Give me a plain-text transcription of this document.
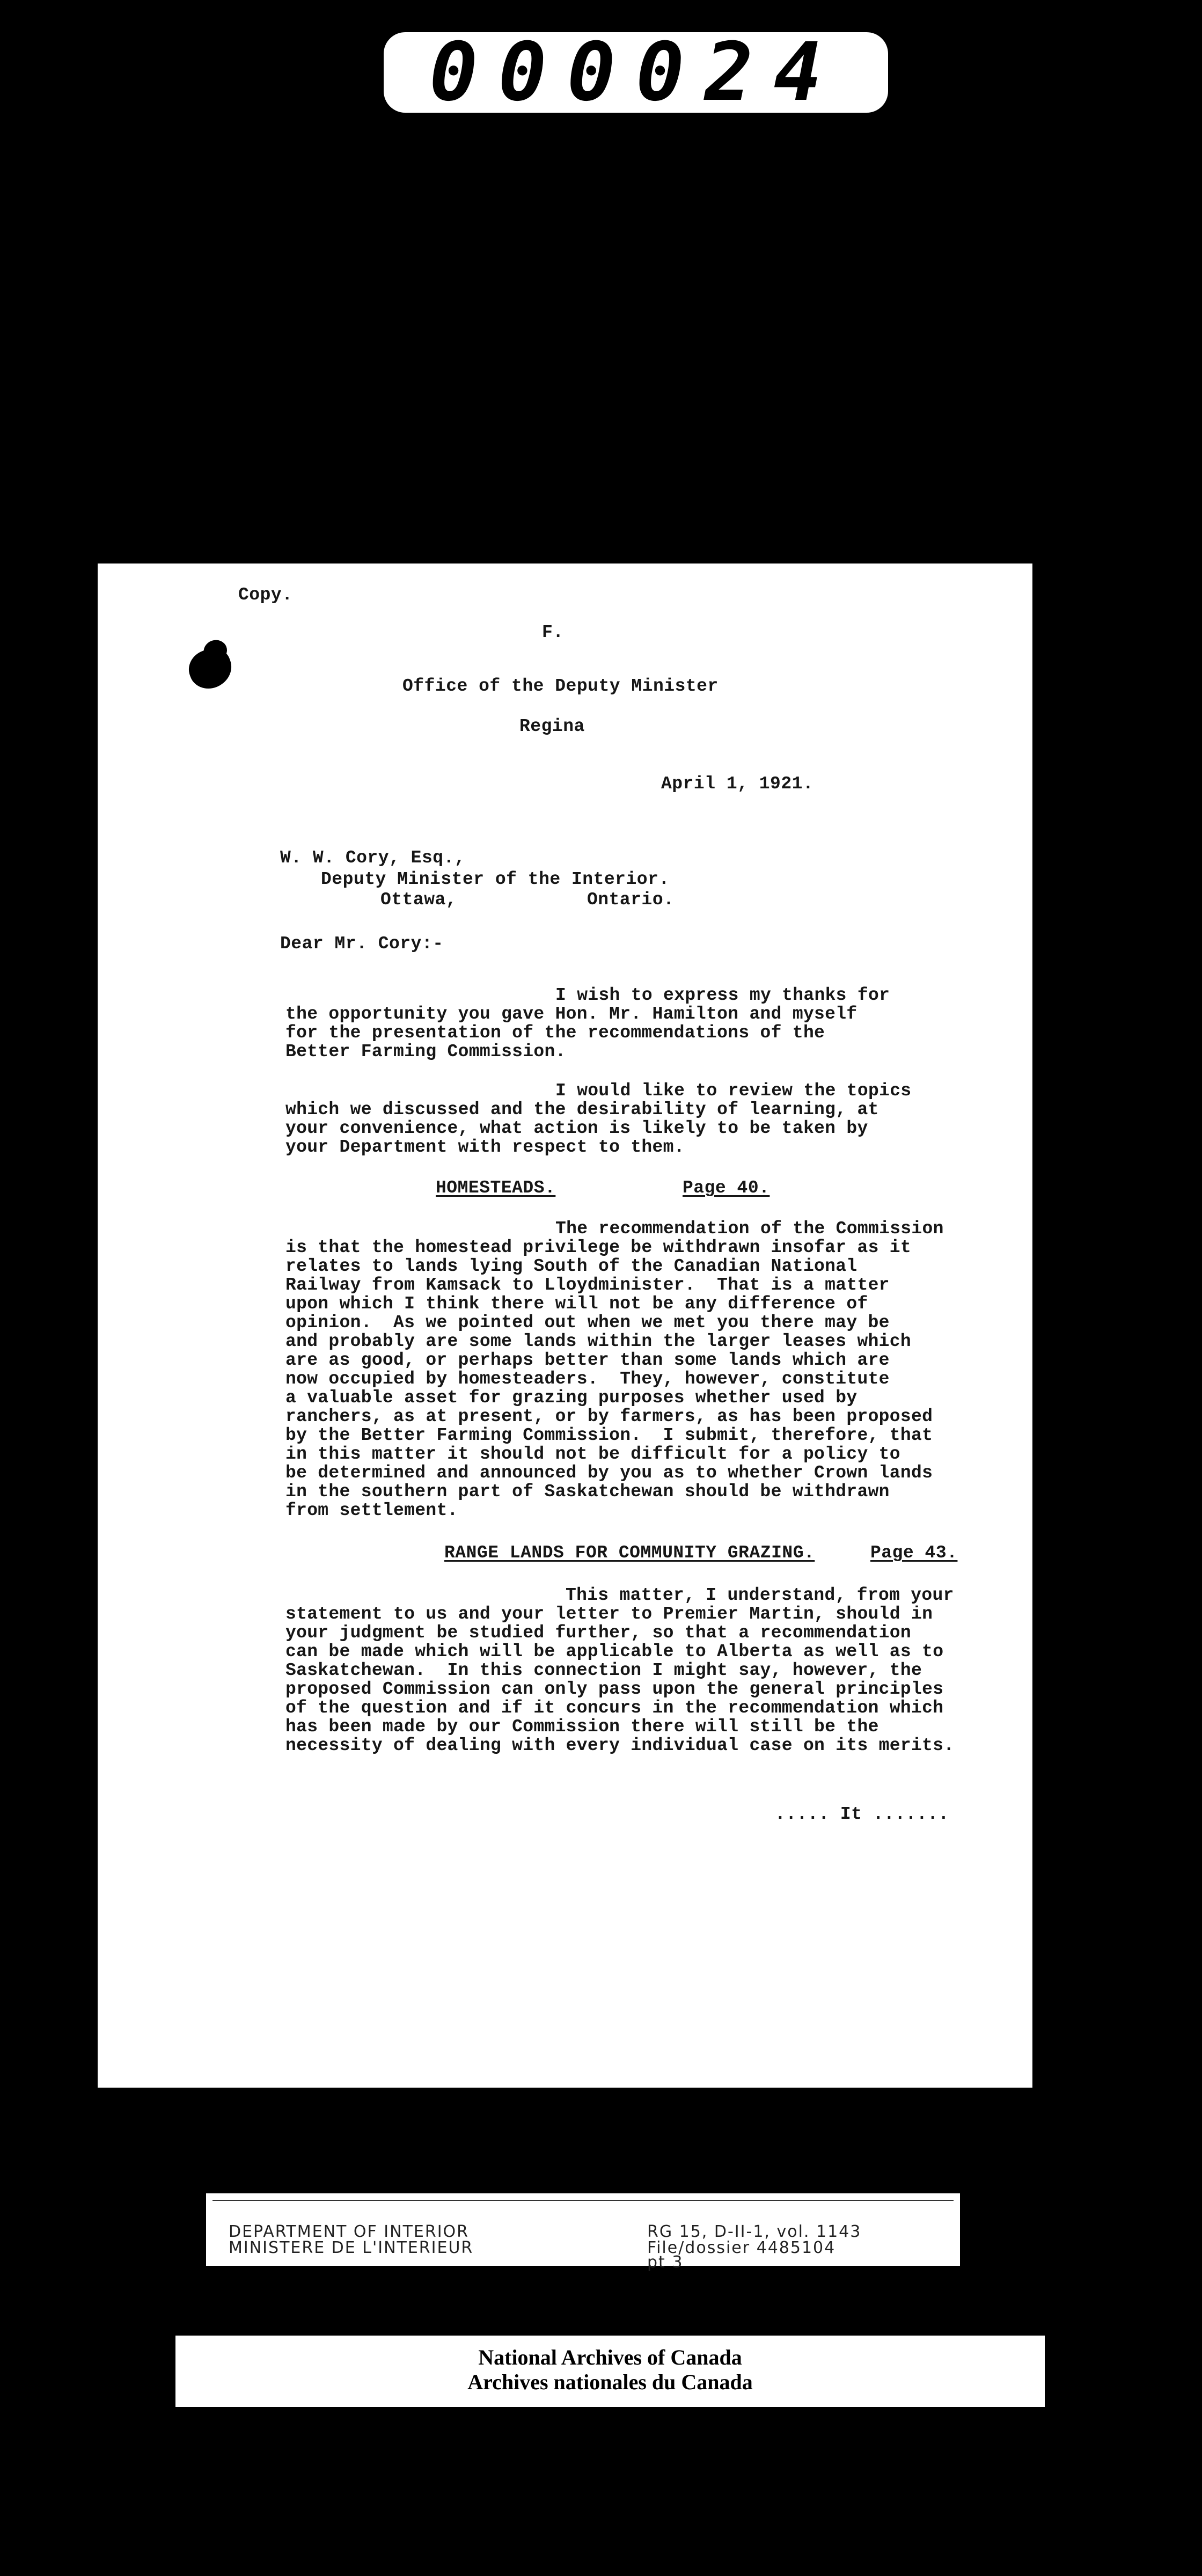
000024
Copy.
F.
Office of the Deputy Minister
Regina
April 1, 1921.
W. W. Cory, Esq.,
Deputy Minister of the Interior.
Ottawa,	Ontario.
Dear Mr. Cory:-
I wish to express my thanks for
the opportunity you gave Hon. Mr. Hamilton and myself
for the presentation of the recommendations of the
Better Farming Commission.
I would like to review the topics
which we discussed and the desirability of learning, at
your convenience, what action is likely to be taken by
your Department with respect to them.
HOMESTEADS.	Page 40.
The recommendation of the Commission
is that the homestead privilege be withdrawn insofar as it
relates to lands lying South of the Canadian National
Railway from Kamsack to Lloydminister.  That is a matter
upon which I think there will not be any difference of
opinion.  As we pointed out when we met you there may be
and probably are some lands within the larger leases which
are as good, or perhaps better than some lands which are
now occupied by homesteaders.  They, however, constitute
a valuable asset for grazing purposes whether used by
ranchers, as at present, or by farmers, as has been proposed
by the Better Farming Commission.  I submit, therefore, that
in this matter it should not be difficult for a policy to
be determined and announced by you as to whether Crown lands
in the southern part of Saskatchewan should be withdrawn
from settlement.
RANGE LANDS FOR COMMUNITY GRAZING.	Page 43.
This matter, I understand, from your
statement to us and your letter to Premier Martin, should in
your judgment be studied further, so that a recommendation
can be made which will be applicable to Alberta as well as to
Saskatchewan.  In this connection I might say, however, the
proposed Commission can only pass upon the general principles
of the question and if it concurs in the recommendation which
has been made by our Commission there will still be the
necessity of dealing with every individual case on its merits.
..... It .......
DEPARTMENT OF INTERIOR
MINISTERE DE L'INTERIEUR
RG 15, D-II-1, vol. 1143
File/dossier 4485104
pt 3
National Archives of Canada
Archives nationales du Canada
